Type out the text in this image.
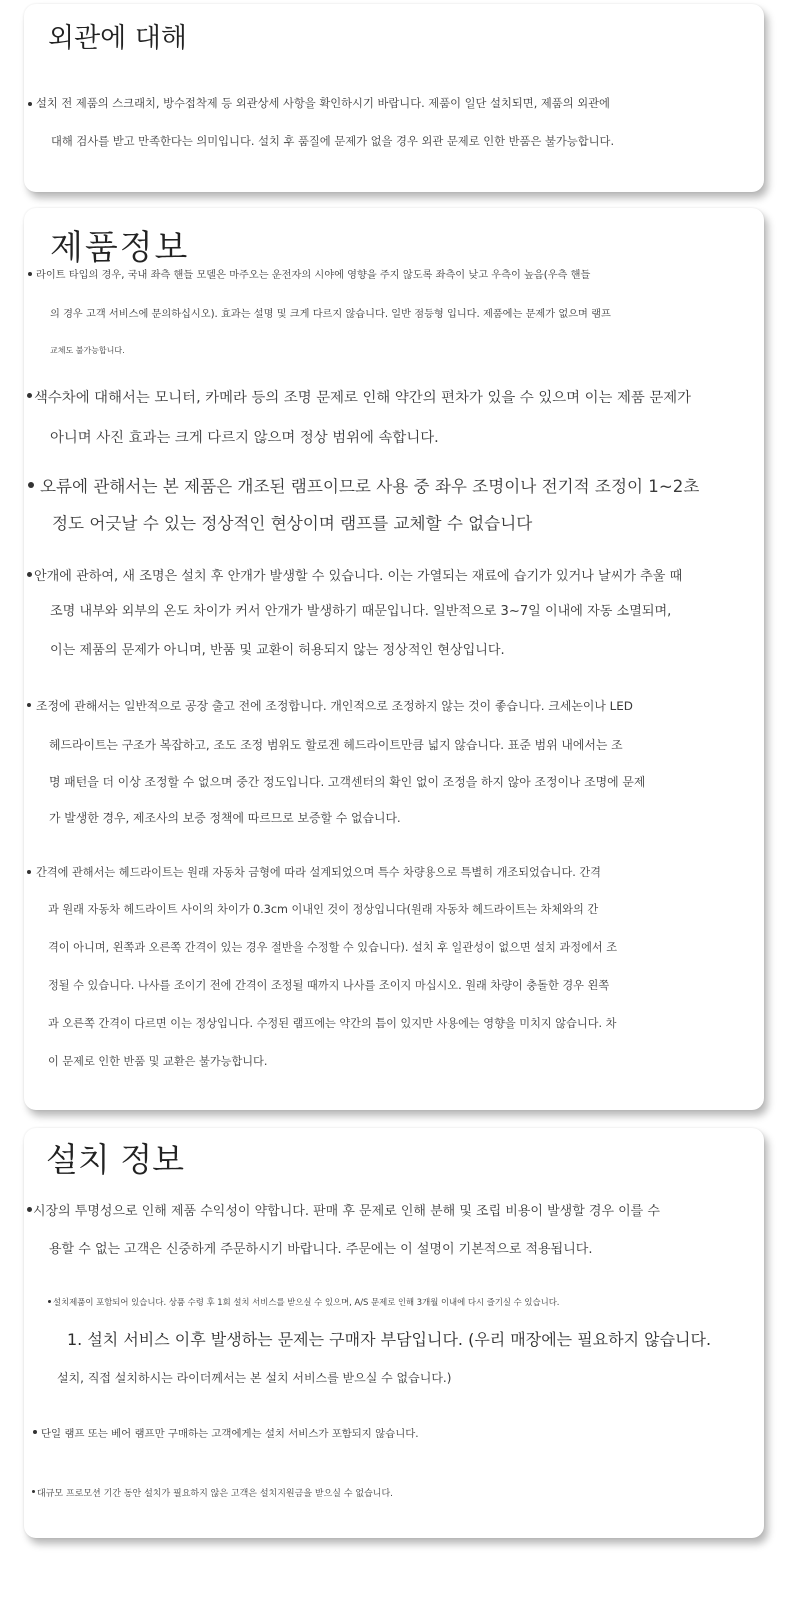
외관에 대해
설치 전 제품의 스크래치, 방수접착제 등 외관상세 사항을 확인하시기 바랍니다. 제품이 일단 설치되면, 제품의 외관에
대해 검사를 받고 만족한다는 의미입니다. 설치 후 품질에 문제가 없을 경우 외관 문제로 인한 반품은 불가능합니다.
제품정보
라이트 타입의 경우, 국내 좌측 핸들 모델은 마주오는 운전자의 시야에 영향을 주지 않도록 좌측이 낮고 우측이 높음(우측 핸들
의 경우 고객 서비스에 문의하십시오). 효과는 설명 및 크게 다르지 않습니다. 일반 점등형 입니다. 제품에는 문제가 없으며 램프
교체도 불가능합니다.
색수차에 대해서는 모니터, 카메라 등의 조명 문제로 인해 약간의 편차가 있을 수 있으며 이는 제품 문제가
아니며 사진 효과는 크게 다르지 않으며 정상 범위에 속합니다.
오류에 관해서는 본 제품은 개조된 램프이므로 사용 중 좌우 조명이나 전기적 조정이 1~2초
정도 어긋날 수 있는 정상적인 현상이며 램프를 교체할 수 없습니다
안개에 관하여, 새 조명은 설치 후 안개가 발생할 수 있습니다. 이는 가열되는 재료에 습기가 있거나 날씨가 추울 때
조명 내부와 외부의 온도 차이가 커서 안개가 발생하기 때문입니다. 일반적으로 3~7일 이내에 자동 소멸되며,
이는 제품의 문제가 아니며, 반품 및 교환이 허용되지 않는 정상적인 현상입니다.
조정에 관해서는 일반적으로 공장 출고 전에 조정합니다. 개인적으로 조정하지 않는 것이 좋습니다. 크세논이나 LED
헤드라이트는 구조가 복잡하고, 조도 조정 범위도 할로겐 헤드라이트만큼 넓지 않습니다. 표준 범위 내에서는 조
명 패턴을 더 이상 조정할 수 없으며 중간 정도입니다. 고객센터의 확인 없이 조정을 하지 않아 조정이나 조명에 문제
가 발생한 경우, 제조사의 보증 정책에 따르므로 보증할 수 없습니다.
간격에 관해서는 헤드라이트는 원래 자동차 금형에 따라 설계되었으며 특수 차량용으로 특별히 개조되었습니다. 간격
과 원래 자동차 헤드라이트 사이의 차이가 0.3cm 이내인 것이 정상입니다(원래 자동차 헤드라이트는 차체와의 간
격이 아니며, 왼쪽과 오른쪽 간격이 있는 경우 절반을 수정할 수 있습니다). 설치 후 일관성이 없으면 설치 과정에서 조
정될 수 있습니다. 나사를 조이기 전에 간격이 조정될 때까지 나사를 조이지 마십시오. 원래 차량이 충돌한 경우 왼쪽
과 오른쪽 간격이 다르면 이는 정상입니다. 수정된 램프에는 약간의 틈이 있지만 사용에는 영향을 미치지 않습니다. 차
이 문제로 인한 반품 및 교환은 불가능합니다.
설치 정보
시장의 투명성으로 인해 제품 수익성이 약합니다. 판매 후 문제로 인해 분해 및 조립 비용이 발생할 경우 이를 수
용할 수 없는 고객은 신중하게 주문하시기 바랍니다. 주문에는 이 설명이 기본적으로 적용됩니다.
설치제품이 포함되어 있습니다. 상품 수령 후 1회 설치 서비스를 받으실 수 있으며, A/S 문제로 인해 3개월 이내에 다시 즐기실 수 있습니다.
1. 설치 서비스 이후 발생하는 문제는 구매자 부담입니다. (우리 매장에는 필요하지 않습니다.
설치, 직접 설치하시는 라이더께서는 본 설치 서비스를 받으실 수 없습니다.)
단일 램프 또는 베어 램프만 구매하는 고객에게는 설치 서비스가 포함되지 않습니다.
대규모 프로모션 기간 동안 설치가 필요하지 않은 고객은 설치지원금을 받으실 수 없습니다.
